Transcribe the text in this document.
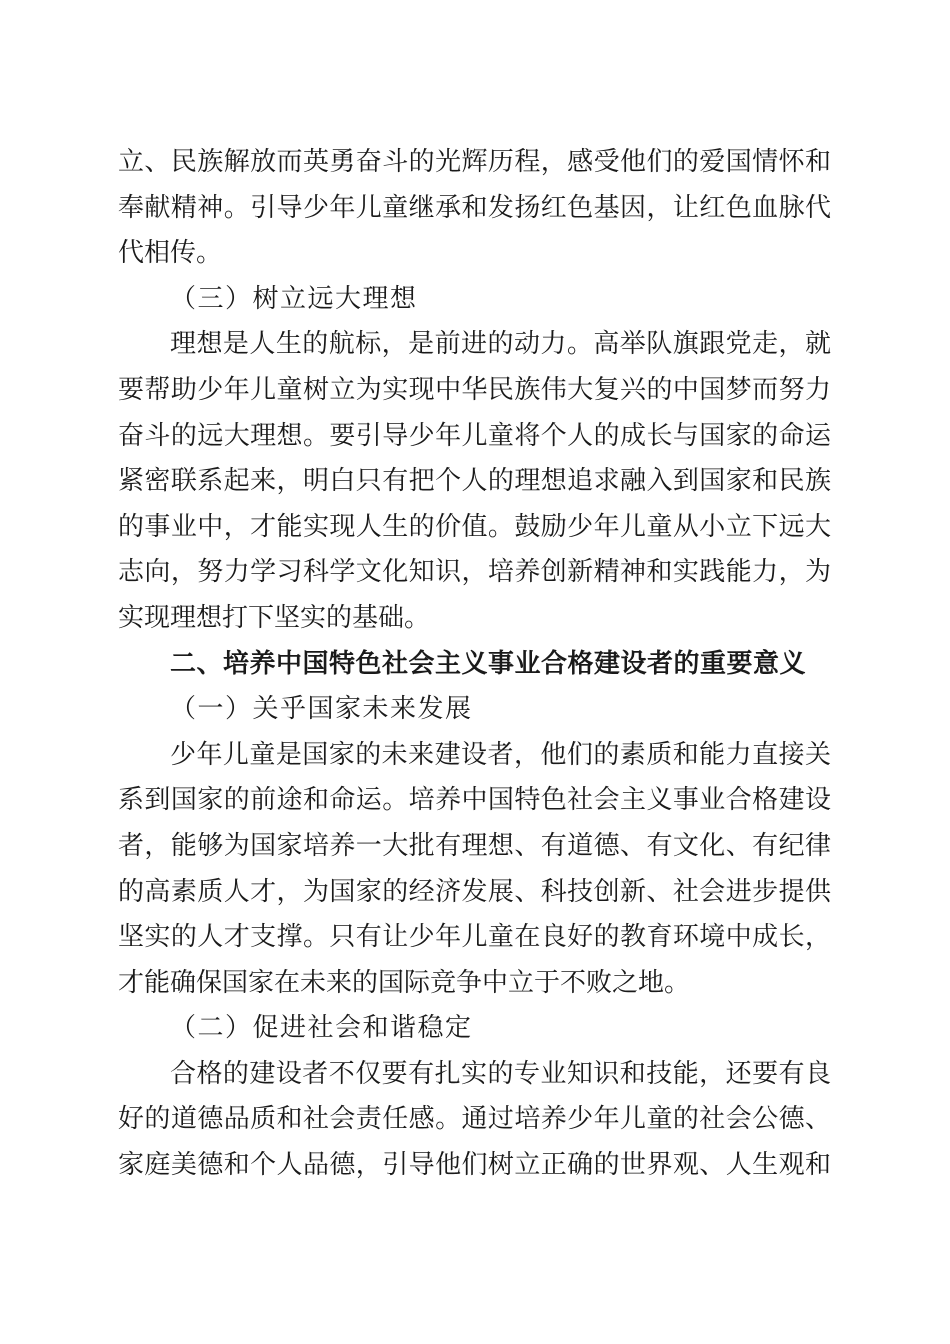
立、民族解放而英勇奋斗的光辉历程，感受他们的爱国情怀和
奉献精神。引导少年儿童继承和发扬红色基因，让红色血脉代
代相传。
（三）树立远大理想
理想是人生的航标，是前进的动力。高举队旗跟党走，就
要帮助少年儿童树立为实现中华民族伟大复兴的中国梦而努力
奋斗的远大理想。要引导少年儿童将个人的成长与国家的命运
紧密联系起来，明白只有把个人的理想追求融入到国家和民族
的事业中，才能实现人生的价值。鼓励少年儿童从小立下远大
志向，努力学习科学文化知识，培养创新精神和实践能力，为
实现理想打下坚实的基础。
二、培养中国特色社会主义事业合格建设者的重要意义
（一）关乎国家未来发展
少年儿童是国家的未来建设者，他们的素质和能力直接关
系到国家的前途和命运。培养中国特色社会主义事业合格建设
者，能够为国家培养一大批有理想、有道德、有文化、有纪律
的高素质人才，为国家的经济发展、科技创新、社会进步提供
坚实的人才支撑。只有让少年儿童在良好的教育环境中成长，
才能确保国家在未来的国际竞争中立于不败之地。
（二）促进社会和谐稳定
合格的建设者不仅要有扎实的专业知识和技能，还要有良
好的道德品质和社会责任感。通过培养少年儿童的社会公德、
家庭美德和个人品德，引导他们树立正确的世界观、人生观和
